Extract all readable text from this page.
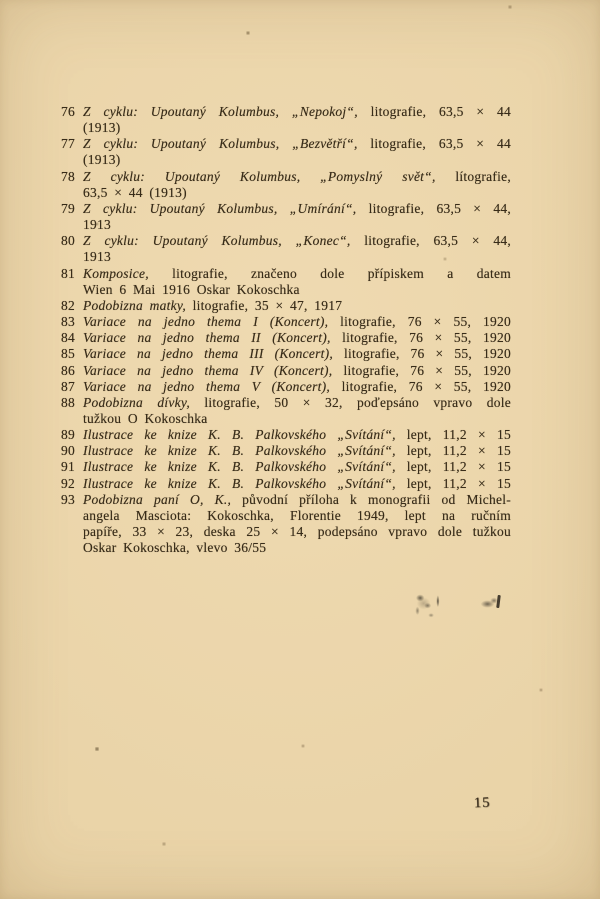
76 Z cyklu: Upoutaný Kolumbus, „Nepokoj“, litografie, 63,5 × 44
(1913)
77 Z cyklu: Upoutaný Kolumbus, „Bezvětří“, litografie, 63,5 × 44
(1913)
78 Z cyklu: Upoutaný Kolumbus, „Pomyslný svět“, lítografie,
63,5 × 44 (1913)
79 Z cyklu: Upoutaný Kolumbus, „Umírání“, litografie, 63,5 × 44,
1913
80 Z cyklu: Upoutaný Kolumbus, „Konec“, litografie, 63,5 × 44,
1913
81 Komposice, litografie, značeno dole přípiskem a datem
Wien 6 Mai 1916 Oskar Kokoschka
82 Podobizna matky, litografie, 35 × 47, 1917
83 Variace na jedno thema I (Koncert), litografie, 76 × 55, 1920
84 Variace na jedno thema II (Koncert), litografie, 76 × 55, 1920
85 Variace na jedno thema III (Koncert), litografie, 76 × 55, 1920
86 Variace na jedno thema IV (Koncert), litografie, 76 × 55, 1920
87 Variace na jedno thema V (Koncert), litografie, 76 × 55, 1920
88 Podobizna dívky, litografie, 50 × 32, poďepsáno vpravo dole
tužkou O Kokoschka
89 Ilustrace ke knize K. B. Palkovského „Svítání“, lept, 11,2 × 15
90 Ilustrace ke knize K. B. Palkovského „Svítání“, lept, 11,2 × 15
91 Ilustrace ke knize K. B. Palkovského „Svítání“, lept, 11,2 × 15
92 Ilustrace ke knize K. B. Palkovského „Svítání“, lept, 11,2 × 15
93 Podobizna paní O, K., původní příloha k monografii od Michel-
angela Masciota: Kokoschka, Florentie 1949, lept na ručním
papíře, 33 × 23, deska 25 × 14, podepsáno vpravo dole tužkou
Oskar Kokoschka, vlevo 36/55
15
